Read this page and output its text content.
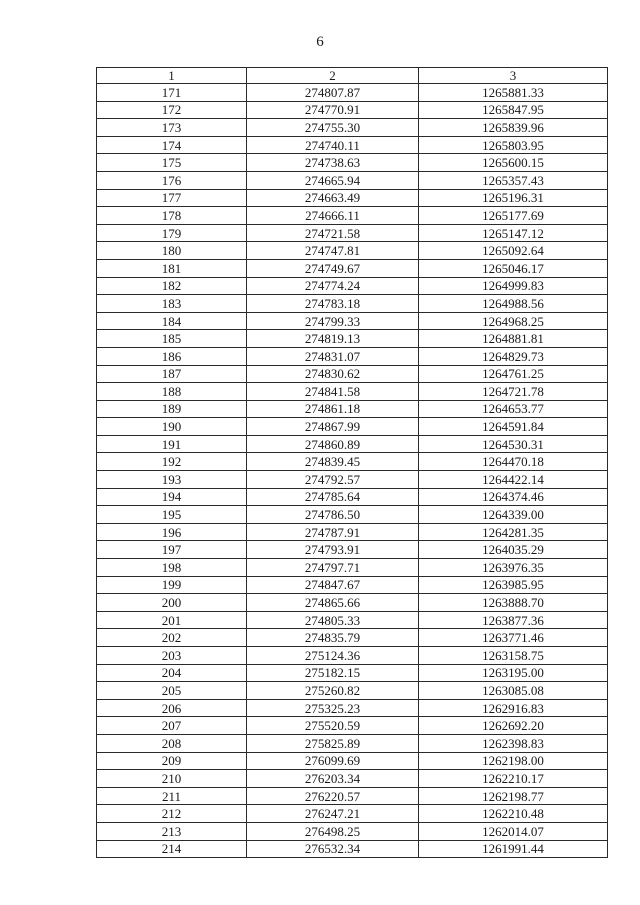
6
1	2	3
171	274807.87	1265881.33
172	274770.91	1265847.95
173	274755.30	1265839.96
174	274740.11	1265803.95
175	274738.63	1265600.15
176	274665.94	1265357.43
177	274663.49	1265196.31
178	274666.11	1265177.69
179	274721.58	1265147.12
180	274747.81	1265092.64
181	274749.67	1265046.17
182	274774.24	1264999.83
183	274783.18	1264988.56
184	274799.33	1264968.25
185	274819.13	1264881.81
186	274831.07	1264829.73
187	274830.62	1264761.25
188	274841.58	1264721.78
189	274861.18	1264653.77
190	274867.99	1264591.84
191	274860.89	1264530.31
192	274839.45	1264470.18
193	274792.57	1264422.14
194	274785.64	1264374.46
195	274786.50	1264339.00
196	274787.91	1264281.35
197	274793.91	1264035.29
198	274797.71	1263976.35
199	274847.67	1263985.95
200	274865.66	1263888.70
201	274805.33	1263877.36
202	274835.79	1263771.46
203	275124.36	1263158.75
204	275182.15	1263195.00
205	275260.82	1263085.08
206	275325.23	1262916.83
207	275520.59	1262692.20
208	275825.89	1262398.83
209	276099.69	1262198.00
210	276203.34	1262210.17
211	276220.57	1262198.77
212	276247.21	1262210.48
213	276498.25	1262014.07
214	276532.34	1261991.44
